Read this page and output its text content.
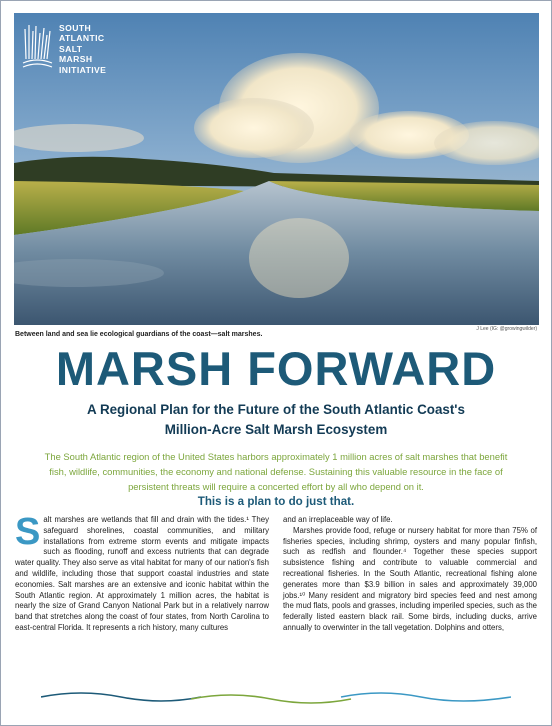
SOUTH
ATLANTIC
SALT
MARSH
INITIATIVE
J Lee (IG: @growingwilder)
Between land and sea lie ecological guardians of the coast—salt marshes.
MARSH FORWARD
A Regional Plan for the Future of the South Atlantic Coast's
Million-Acre Salt Marsh Ecosystem
The South Atlantic region of the United States harbors approximately 1 million acres of salt marshes that benefit fish, wildlife, communities, the economy and national defense. Sustaining this valuable resource in the face of persistent threats will require a concerted effort by all who depend on it.
This is a plan to do just that.

Salt marshes are wetlands that fill and drain with the tides.¹ They safeguard shorelines, coastal communities, and military installations from extreme storm events and mitigate impacts such as flooding, runoff and excess nutrients that can degrade water quality. They also serve as vital habitat for many of our nation's fish and wildlife, including those that support coastal industries and state economies. Salt marshes are an extensive and iconic habitat within the South Atlantic region. At approximately 1 million acres, the habitat is nearly the size of Grand Canyon National Park but in a relatively narrow band that stretches along the coast of four states, from North Carolina to east-central Florida. It represents a rich history, many cultures

and an irreplaceable way of life.

Marshes provide food, refuge or nursery habitat for more than 75% of fisheries species, including shrimp, oysters and many popular finfish, such as redfish and flounder.⁴ Together these species support subsistence fishing and contribute to valuable commercial and recreational fisheries. In the South Atlantic, recreational fishing alone generates more than $3.9 billion in sales and approximately 39,000 jobs.¹⁰ Many resident and migratory bird species feed and nest among the mud flats, pools and grasses, including imperiled species, such as the federally listed eastern black rail. Some birds, including ducks, arrive annually to overwinter in the tall vegetation. Dolphins and otters,
